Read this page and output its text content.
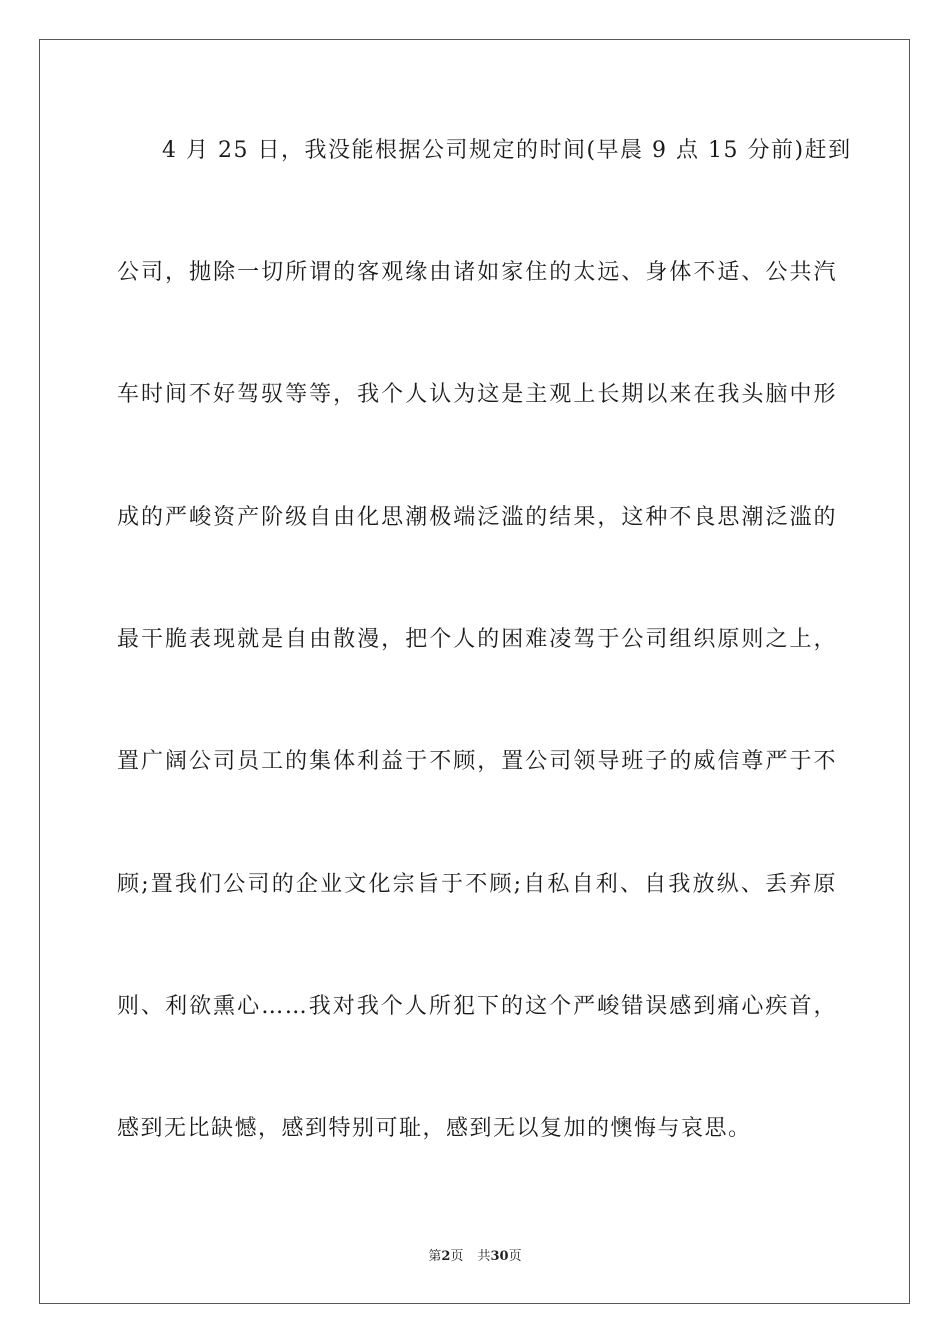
4 月 25 日，我没能根据公司规定的时间(早晨 9 点 15 分前)赶到
公司，抛除一切所谓的客观缘由诸如家住的太远、身体不适、公共汽
车时间不好驾驭等等，我个人认为这是主观上长期以来在我头脑中形
成的严峻资产阶级自由化思潮极端泛滥的结果，这种不良思潮泛滥的
最干脆表现就是自由散漫，把个人的困难凌驾于公司组织原则之上，
置广阔公司员工的集体利益于不顾，置公司领导班子的威信尊严于不
顾;置我们公司的企业文化宗旨于不顾;自私自利、自我放纵、丢弃原
则、利欲熏心……我对我个人所犯下的这个严峻错误感到痛心疾首，
感到无比缺憾，感到特别可耻，感到无以复加的懊悔与哀思。
第2页 共30页
